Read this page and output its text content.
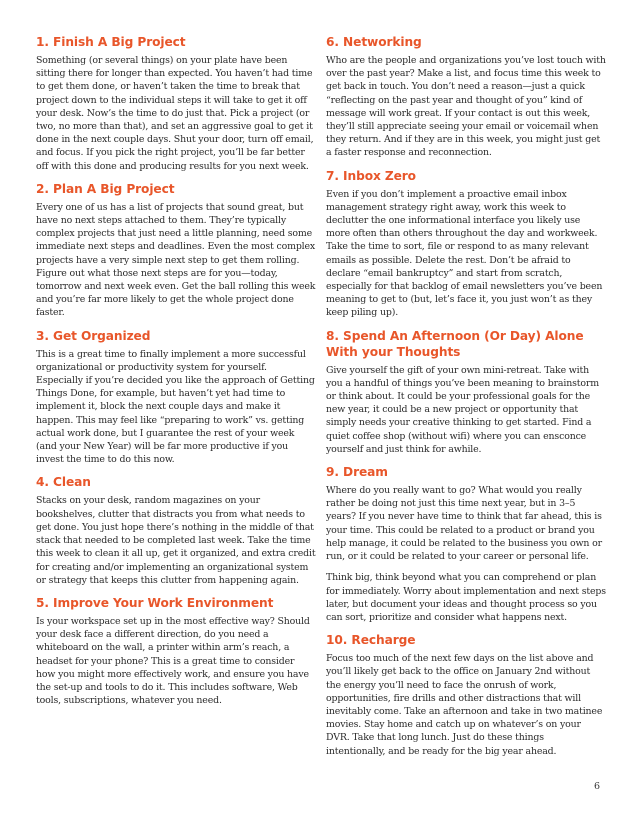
1. Finish A Big Project

Something (or several things) on your plate have been sitting there for longer than expected. You haven’t had time to get them done, or haven’t taken the time to break that project down to the individual steps it will take to get it off your desk. Now’s the time to do just that. Pick a project (or two, no more than that), and set an aggressive goal to get it done in the next couple days. Shut your door, turn off email, and focus. If you pick the right project, you’ll be far better off with this done and producing results for you next week.

2. Plan A Big Project

Every one of us has a list of projects that sound great, but have no next steps attached to them. They’re typically complex projects that just need a little planning, need some immediate next steps and deadlines. Even the most complex projects have a very simple next step to get them rolling. Figure out what those next steps are for you—today, tomorrow and next week even. Get the ball rolling this week and you’re far more likely to get the whole project done faster.

3. Get Organized

This is a great time to finally implement a more successful organizational or productivity system for yourself. Especially if you’re decided you like the approach of Getting Things Done, for example, but haven’t yet had time to implement it, block the next couple days and make it happen. This may feel like “preparing to work” vs. getting actual work done, but I guarantee the rest of your week (and your New Year) will be far more productive if you invest the time to do this now.

4. Clean

Stacks on your desk, random magazines on your bookshelves, clutter that distracts you from what needs to get done. You just hope there’s nothing in the middle of that stack that needed to be completed last week. Take the time this week to clean it all up, get it organized, and extra credit for creating and/or implementing an organizational system or strategy that keeps this clutter from happening again.

5. Improve Your Work Environment

Is your workspace set up in the most effective way? Should your desk face a different direction, do you need a whiteboard on the wall, a printer within arm’s reach, a headset for your phone? This is a great time to consider how you might more effectively work, and ensure you have the set-up and tools to do it. This includes software, Web tools, subscriptions, whatever you need.

6. Networking

Who are the people and organizations you’ve lost touch with over the past year? Make a list, and focus time this week to get back in touch. You don’t need a reason—just a quick “reflecting on the past year and thought of you” kind of message will work great. If your contact is out this week, they’ll still appreciate seeing your email or voicemail when they return. And if they are in this week, you might just get a faster response and reconnection.

7. Inbox Zero

Even if you don’t implement a proactive email inbox management strategy right away, work this week to declutter the one informational interface you likely use more often than others throughout the day and workweek. Take the time to sort, file or respond to as many relevant emails as possible. Delete the rest. Don’t be afraid to declare “email bankruptcy” and start from scratch, especially for that backlog of email newsletters you’ve been meaning to get to (but, let’s face it, you just won’t as they keep piling up).

8. Spend An Afternoon (Or Day) Alone With your Thoughts

Give yourself the gift of your own mini-retreat. Take with you a handful of things you’ve been meaning to brainstorm or think about. It could be your professional goals for the new year, it could be a new project or opportunity that simply needs your creative thinking to get started. Find a quiet coffee shop (without wifi) where you can ensconce yourself and just think for awhile.

9. Dream

Where do you really want to go? What would you really rather be doing not just this time next year, but in 3–5 years? If you never have time to think that far ahead, this is your time. This could be related to a product or brand you help manage, it could be related to the business you own or run, or it could be related to your career or personal life.

Think big, think beyond what you can comprehend or plan for immediately. Worry about implementation and next steps later, but document your ideas and thought process so you can sort, prioritize and consider what happens next.

10. Recharge

Focus too much of the next few days on the list above and you’ll likely get back to the office on January 2nd without the energy you’ll need to face the onrush of work, opportunities, fire drills and other distractions that will inevitably come. Take an afternoon and take in two matinee movies. Stay home and catch up on whatever’s on your DVR. Take that long lunch. Just do these things intentionally, and be ready for the big year ahead.

6
